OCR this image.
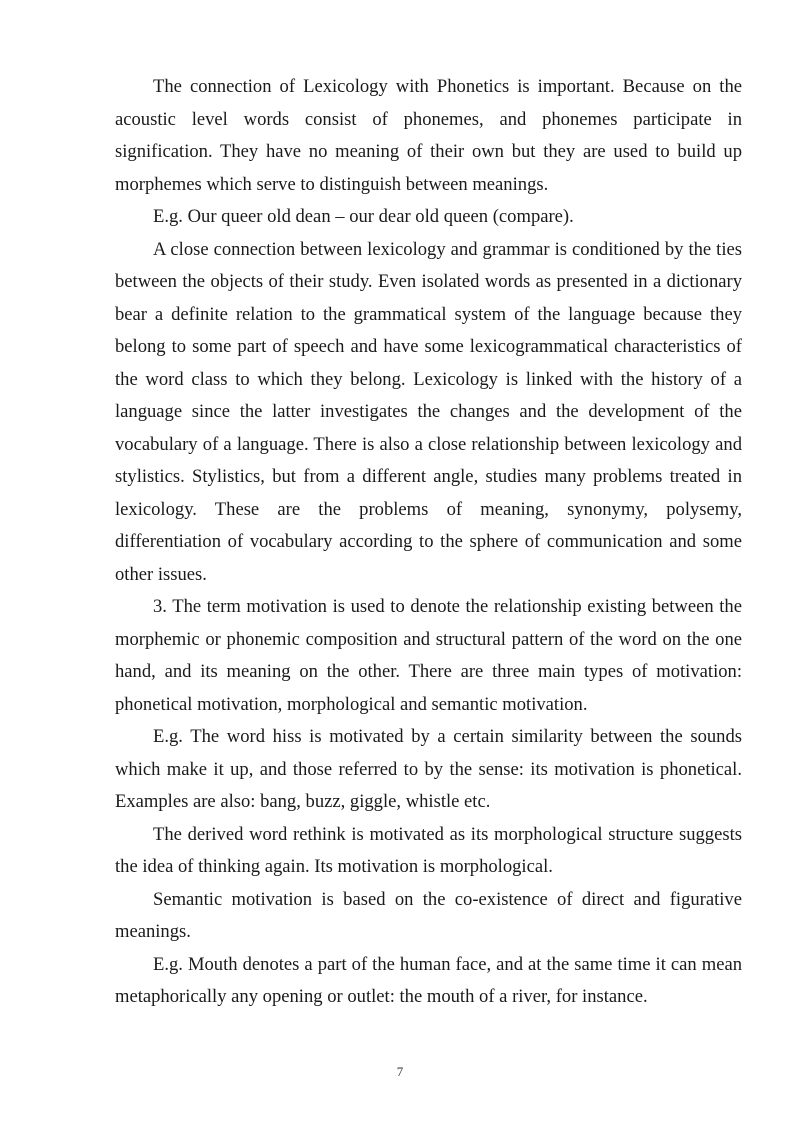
The connection of Lexicology with Phonetics is important. Because on the acoustic level words consist of phonemes, and phonemes participate in signification. They have no meaning of their own but they are used to build up morphemes which serve to distinguish between meanings.

E.g. Our queer old dean – our dear old queen (compare).

A close connection between lexicology and grammar is conditioned by the ties between the objects of their study. Even isolated words as presented in a dictionary bear a definite relation to the grammatical system of the language because they belong to some part of speech and have some lexicogrammatical characteristics of the word class to which they belong. Lexicology is linked with the history of a language since the latter investigates the changes and the development of the vocabulary of a language. There is also a close relationship between lexicology and stylistics. Stylistics, but from a different angle, studies many problems treated in lexicology. These are the problems of meaning, synonymy, polysemy, differentiation of vocabulary according to the sphere of communication and some other issues.

3. The term motivation is used to denote the relationship existing between the morphemic or phonemic composition and structural pattern of the word on the one hand, and its meaning on the other. There are three main types of motivation: phonetical motivation, morphological and semantic motivation.

E.g. The word hiss is motivated by a certain similarity between the sounds which make it up, and those referred to by the sense: its motivation is phonetical. Examples are also: bang, buzz, giggle, whistle etc.

The derived word rethink is motivated as its morphological structure suggests the idea of thinking again. Its motivation is morphological.

Semantic motivation is based on the co-existence of direct and figurative meanings.

E.g. Mouth denotes a part of the human face, and at the same time it can mean metaphorically any opening or outlet: the mouth of a river, for instance.

7
